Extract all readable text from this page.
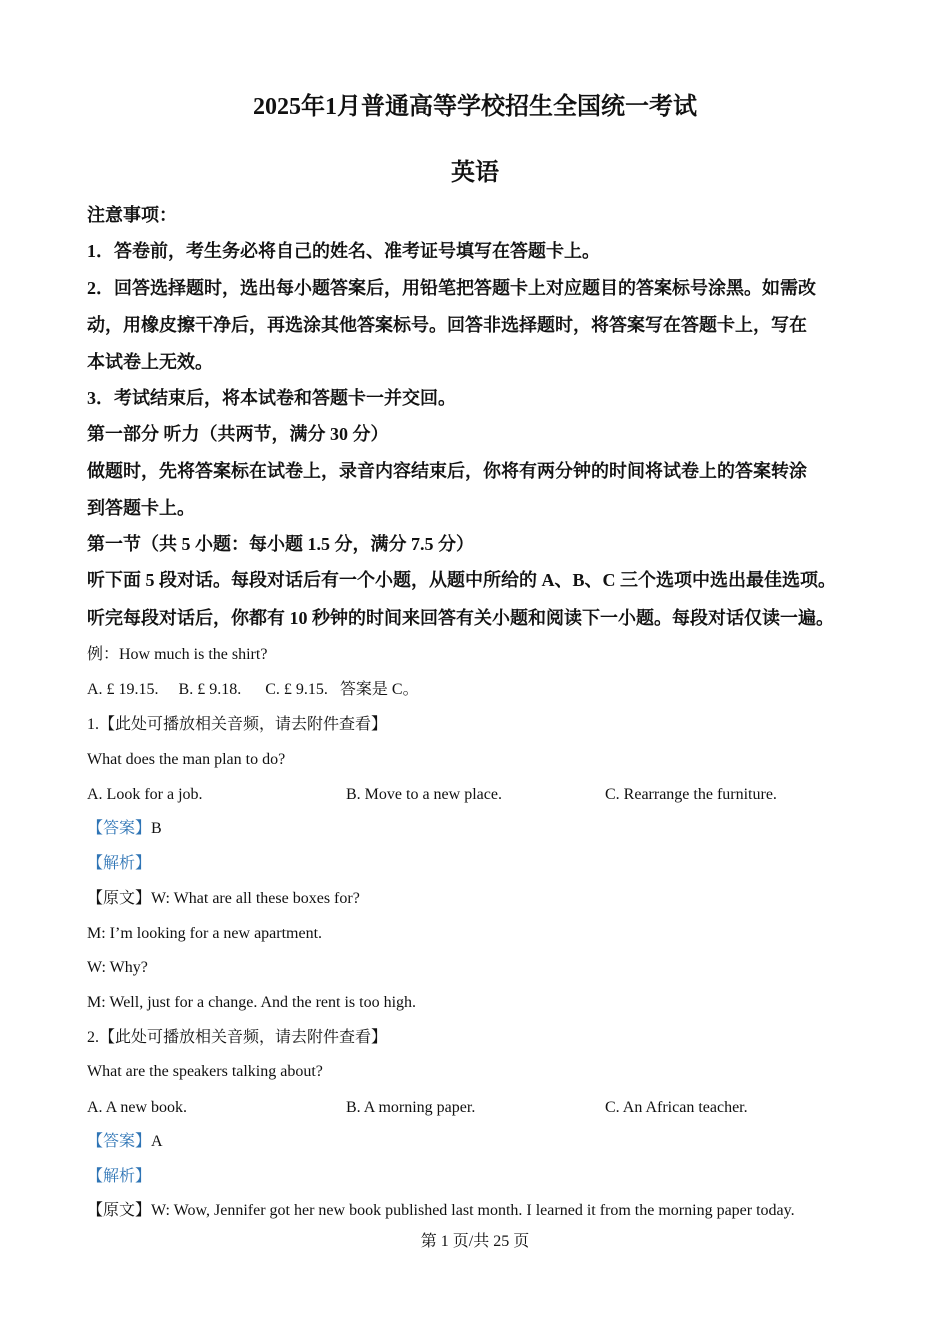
2025年1月普通高等学校招生全国统一考试
英语
注意事项：
1．答卷前，考生务必将自己的姓名、准考证号填写在答题卡上。
2．回答选择题时，选出每小题答案后，用铅笔把答题卡上对应题目的答案标号涂黑。如需改
动，用橡皮擦干净后，再选涂其他答案标号。回答非选择题时，将答案写在答题卡上，写在
本试卷上无效。
3．考试结束后，将本试卷和答题卡一并交回。
第一部分 听力（共两节，满分 30 分）
做题时，先将答案标在试卷上，录音内容结束后，你将有两分钟的时间将试卷上的答案转涂
到答题卡上。
第一节（共 5 小题：每小题 1.5 分，满分 7.5 分）
听下面 5 段对话。每段对话后有一个小题，从题中所给的 A、B、C 三个选项中选出最佳选项。
听完每段对话后，你都有 10 秒钟的时间来回答有关小题和阅读下一小题。每段对话仅读一遍。
例：How much is the shirt?
A. £ 19.15.     B. £ 9.18.      C. £ 9.15.   答案是 C。
1.【此处可播放相关音频，请去附件查看】
What does the man plan to do?
A. Look for a job.	B. Move to a new place.	C. Rearrange the furniture.
【答案】B
【解析】
【原文】W: What are all these boxes for?
M: I’m looking for a new apartment.
W: Why?
M: Well, just for a change. And the rent is too high.
2.【此处可播放相关音频，请去附件查看】
What are the speakers talking about?
A. A new book.	B. A morning paper.	C. An African teacher.
【答案】A
【解析】
【原文】W: Wow, Jennifer got her new book published last month. I learned it from the morning paper today.
第 1 页/共 25 页
